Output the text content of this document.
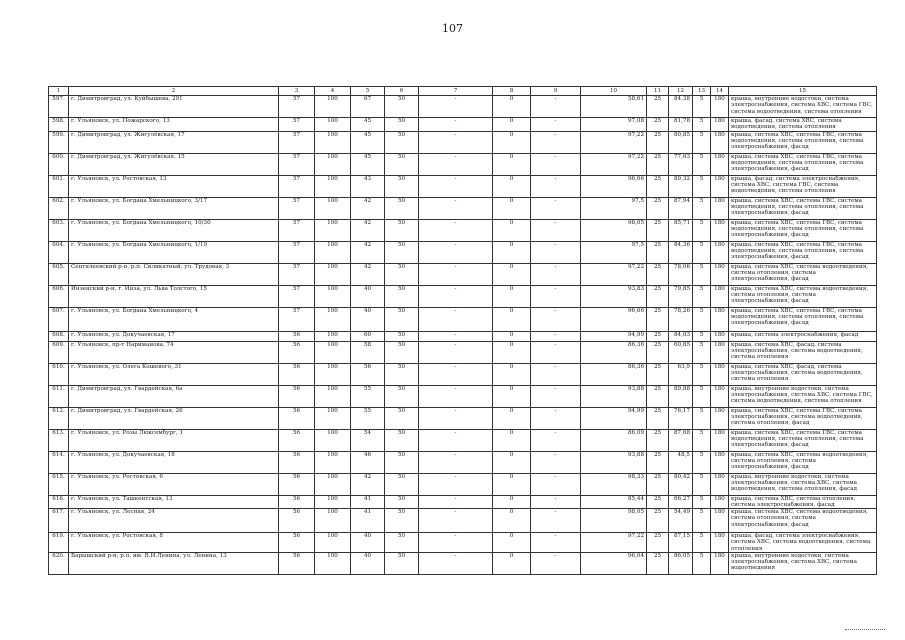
107
1	2	3	4	5	6	7	8	9	10	11	12	13	14	15
597.	г. Димитровград, ул. Куйбышева, 291	57	100	67	50	-	0	-	58,61	25	84,38	5	180	крыша, внутренние водостоки, система электроснабжения, система ХВС, система ГВС, система водоотведения, система отопления
598.	г. Ульяновск, ул. Пожарского, 13	57	100	45	50	-	0	-	97,08	25	81,78	5	180	крыша, фасад, система ХВС, система водоотведения, система отопления
599.	г. Димитровград, ул. Жигулёвская, 17	57	100	45	50	-	0	-	97,22	25	80,85	5	180	крыша, система ХВС, система ГВС, система водоотведения, система отопления, система электроснабжения, фасад
600.	г. Димитровград, ул. Жигулёвская, 15	57	100	45	50	-	0	-	97,22	25	77,63	5	180	крыша, система ХВС, система ГВС, система водоотведения, система отопления, система электроснабжения, фасад
601.	г. Ульяновск, ул. Ростовская, 13	57	100	43	50	-	0	-	96,66	25	89,32	5	180	крыша, фасад, система электроснабжения, система ХВС, система ГВС, система водоотведения, система отопления
602.	г. Ульяновск, ул. Богдана Хмельницкого, 3/17	57	100	42	50	-	0	-	97,5	25	87,94	5	180	крыша, система ХВС, система ГВС, система водоотведения, система отопления, система электроснабжения, фасад
603.	г. Ульяновск, ул. Богдана Хмельницкого, 10/30	57	100	42	50	-	0	-	98,05	25	85,71	5	180	крыша, система ХВС, система ГВС, система водоотведения, система отопления, система электроснабжения, фасад
604.	г. Ульяновск, ул. Богдана Хмельницкого, 1/19	57	100	42	50	-	0	-	97,5	25	84,36	5	180	крыша, система ХВС, система ГВС, система водоотведения, система отопления, система электроснабжения, фасад
605.	Сенгилеевский р-н, р.п. Силикатный, ул. Трудовая, 3	57	100	42	50	-	0	-	97,22	25	78,06	5	180	крыша, система ХВС, система водоотведения, система отопления, система электроснабжения, фасад
606.	Инзенский р-н, г. Инза, ул. Льва Толстого, 15	57	100	40	50	-	0	-	93,83	25	79,85	5	180	крыша, система ХВС, система водоотведения, система отопления, система электроснабжения, фасад
607.	г. Ульяновск, ул. Богдана Хмельницкого, 4	57	100	40	50	-	0	-	96,66	25	78,26	5	180	крыша, система ХВС, система ГВС, система водоотведения, система отопления, система электроснабжения, фасад
608.	г. Ульяновск, ул. Докучаевская, 17	56	100	60	50	-	0	-	94,99	25	84,03	5	180	крыша, система электроснабжения, фасад
609.	г. Ульяновск, пр-т Нариманова, 74	56	100	58	50	-	0	-	86,36	25	60,85	5	180	крыша, система ХВС, фасад, система электроснабжения, система водоотведения, система отопления
610.	г. Ульяновск, ул. Олега Кошевого, 31	56	100	56	50	-	0	-	86,36	25	63,9	5	180	крыша, система ХВС, фасад, система электроснабжения, система водоотведения, система отопления
611.	г. Димитровград, ул. Гвардейская, 6а	56	100	55	50	-	0	-	93,88	25	89,88	5	180	крыша, внутренние водостоки, система электроснабжения, система ХВС, система ГВС, система водоотведения, система отопления
612.	г. Димитровград, ул. Гвардейская, 26	56	100	55	50	-	0	-	94,99	25	76,17	5	180	крыша, система ХВС, система ГВС, система электроснабжения, система водоотведения, система отопления, фасад
613.	г. Ульяновск, ул. Розы Люксембург, 1	56	100	54	50	-	0	-	86,09	25	87,68	5	180	крыша, система ХВС, система ГВС, система водоотведения, система отопления, система электроснабжения, фасад
614.	г. Ульяновск, ул. Докучаевская, 18	56	100	46	50	-	0	-	93,88	25	48,5	5	180	крыша, система ХВС, система водоотведения, система отопления, система электроснабжения, фасад
615.	г. Ульяновск, ул. Ростовская, 6	56	100	42	50	-	0	-	98,33	25	80,42	5	180	крыша, внутренние водостоки, система электроснабжения, система ХВС, система водоотведения, система отопления, фасад
616.	г. Ульяновск, ул. Ташкентская, 13	56	100	41	50	-	0	-	85,44	25	66,27	5	180	крыша, система ХВС, система отопления, система электроснабжения, фасад
617.	г. Ульяновск, ул. Лесная, 24	56	100	41	50	-	0	-	98,05	25	54,49	5	180	крыша, система ХВС, система водоотведения, система отопления, система электроснабжения, фасад
619.	г. Ульяновск, ул. Ростовская, 8	56	100	40	50	-	0	-	97,22	25	87,15	5	180	крыша, фасад, система электроснабжения, система ХВС, система водоотведения, система отопления
620.	Барышский р-н, р.п. им. В.И.Ленина, ул. Ленина, 13	56	100	40	50	-	0	-	96,04	25	86,05	5	180	крыша, внутренние водостоки, система электроснабжения, система ХВС, система водоотведения
